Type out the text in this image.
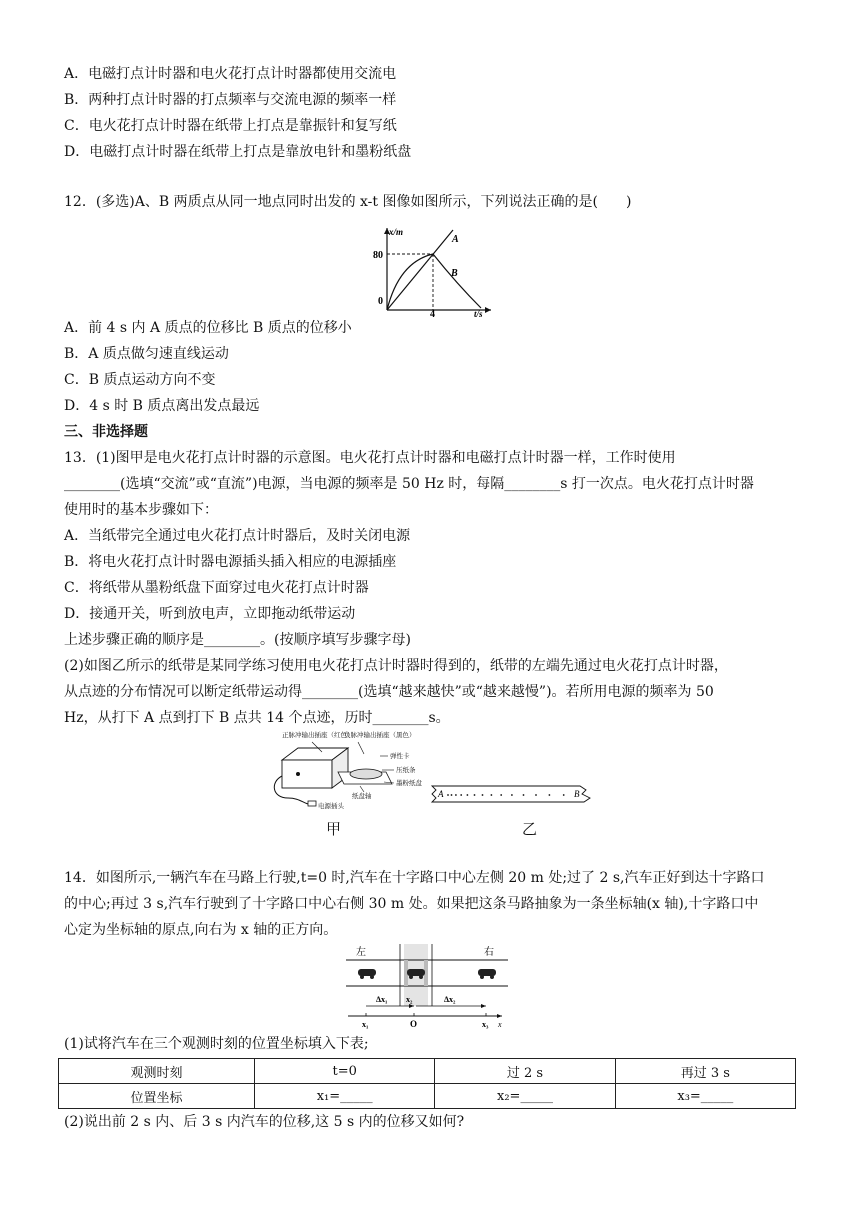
A．电磁打点计时器和电火花打点计时器都使用交流电
B．两种打点计时器的打点频率与交流电源的频率一样
C．电火花打点计时器在纸带上打点是靠振针和复写纸
D．电磁打点计时器在纸带上打点是靠放电针和墨粉纸盘
12．(多选)A、B 两质点从同一地点同时出发的 x-t 图像如图所示，下列说法正确的是(　　)
x/m
80
0
4	t/s
A
B
A．前 4 s 内 A 质点的位移比 B 质点的位移小
B．A 质点做匀速直线运动
C．B 质点运动方向不变
D．4 s 时 B 质点离出发点最远
三、非选择题
13．(1)图甲是电火花打点计时器的示意图。电火花打点计时器和电磁打点计时器一样，工作时使用
________(选填“交流”或“直流”)电源，当电源的频率是 50 Hz 时，每隔________s 打一次点。电火花打点计时器
使用时的基本步骤如下：
A．当纸带完全通过电火花打点计时器后，及时关闭电源
B．将电火花打点计时器电源插头插入相应的电源插座
C．将纸带从墨粉纸盘下面穿过电火花打点计时器
D．接通开关，听到放电声，立即拖动纸带运动
上述步骤正确的顺序是________。(按顺序填写步骤字母)
(2)如图乙所示的纸带是某同学练习使用电火花打点计时器时得到的，纸带的左端先通过电火花打点计时器，
从点迹的分布情况可以断定纸带运动得________(选填“越来越快”或“越来越慢”)。若所用电源的频率为 50
Hz，从打下 A 点到打下 B 点共 14 个点迹，历时________s。
正脉冲输出插座（红色）
负脉冲输出插座（黑色）
弹性卡
压纸条
墨粉纸盘
纸盘轴
电源插头
A	B
甲	乙
14．如图所示,一辆汽车在马路上行驶,t=0 时,汽车在十字路口中心左侧 20 m 处;过了 2 s,汽车正好到达十字路口
的中心;再过 3 s,汽车行驶到了十字路口中心右侧 30 m 处。如果把这条马路抽象为一条坐标轴(x 轴),十字路口中
心定为坐标轴的原点,向右为 x 轴的正方向。
左	右
Δx₁ x₂	Δx₂
x₁	O	x₃ x
(1)试将汽车在三个观测时刻的位置坐标填入下表;
观测时刻	t=0	过 2 s	再过 3 s
位置坐标	x₁=_____	x₂=_____	x₃=_____
(2)说出前 2 s 内、后 3 s 内汽车的位移,这 5 s 内的位移又如何?
